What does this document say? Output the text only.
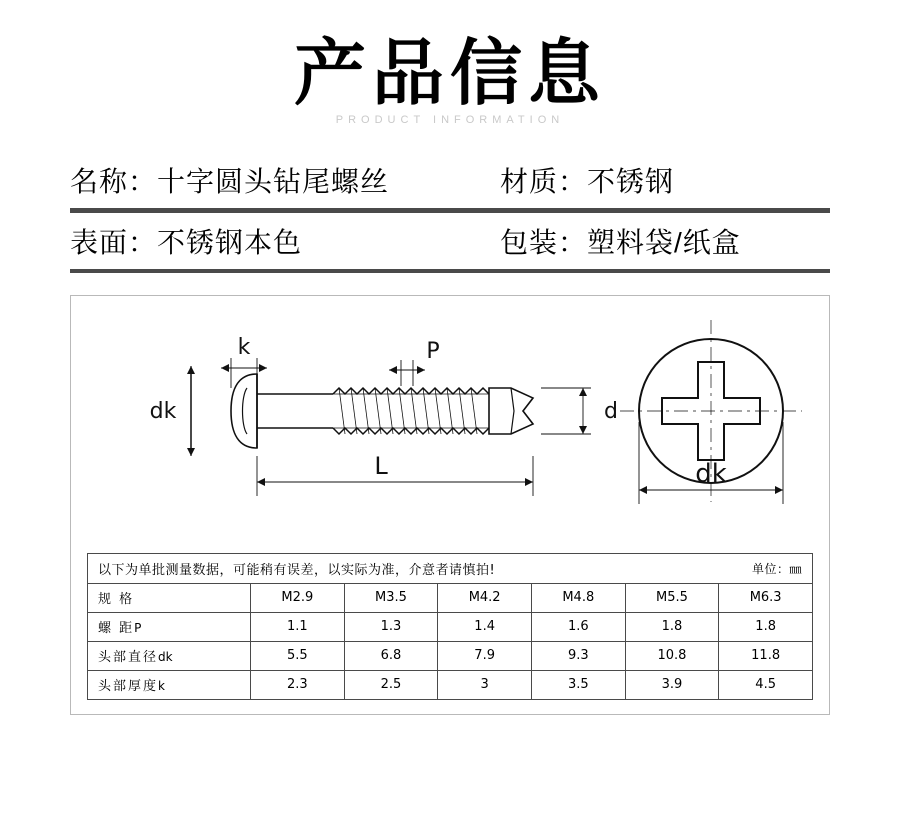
产品信息
PRODUCT INFORMATION
名称： 十字圆头钻尾螺丝	材质： 不锈钢
表面： 不锈钢本色	包装： 塑料袋/纸盒
k	P
dk
L
d
dk
以下为单批测量数据，可能稍有误差，以实际为准，介意者请慎拍!	单位：㎜
规 格	M2.9	M3.5	M4.2	M4.8	M5.5	M6.3
螺 距P	1.1	1.3	1.4	1.6	1.8	1.8
头部直径dk	5.5	6.8	7.9	9.3	10.8	11.8
头部厚度k	2.3	2.5	3	3.5	3.9	4.5
